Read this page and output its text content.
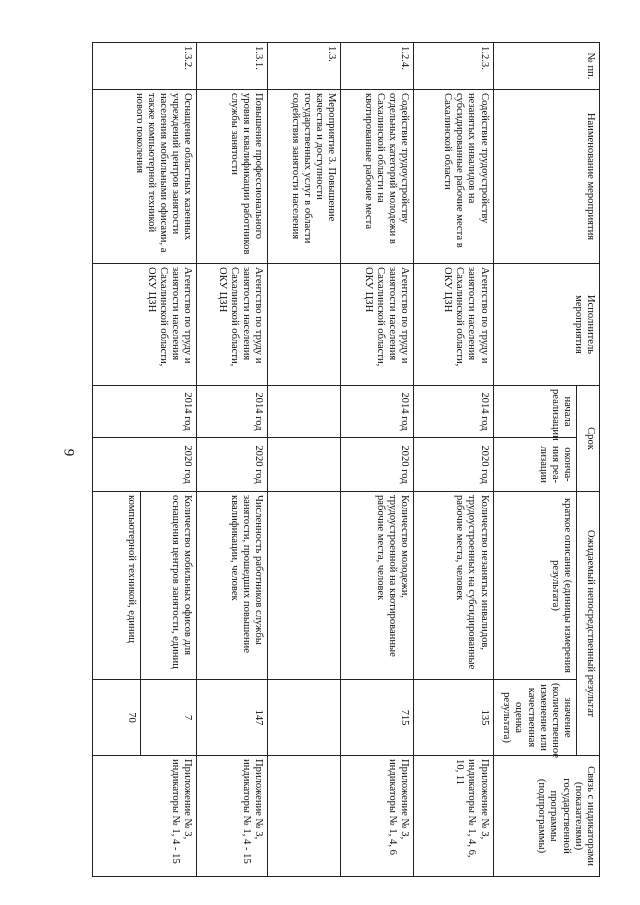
9
№ пп.	Наименование мероприятия	Исполнитель мероприятия	Срок		Ожидаемый непосредственный результат		Связь с индикаторами (показателями) государственной программы (подпрограммы)
			начала реализации	оконча-ния реа-лизации	краткое описание (единицы измерения результата)	значение (количественное изменение или качественная оценка результата)	
1.2.3.	Содействие трудоустройству незанятых инвалидов на субсидированные рабочие места в Сахалинской области	Агентство по труду и занятости населения Сахалинской области, ОКУ ЦЗН	2014 год	2020 год	Количество незанятых инвалидов, трудоустроенных на субсидированные рабочие места, человек	135	Приложение № 3, индикаторы № 1, 4, 6, 10, 11
1.2.4.	Содействие трудоустройству отдельных категорий молодежи в Сахалинской области на квотированные рабочие места	Агентство по труду и занятости населения Сахалинской области, ОКУ ЦЗН	2014 год	2020 год	Количество молодежи, трудоустроенной на квотированные рабочие места, человек	715	Приложение № 3, индикаторы № 1, 4, 6
1.3.	Мероприятие 3. Повышение качества и доступности государственных услуг в области содействия занятости населения						
1.3.1.	Повышение профессионального уровня и квалификации работников службы занятости	Агентство по труду и занятости населения Сахалинской области, ОКУ ЦЗН	2014 год	2020 год	Численность работников службы занятости, прошедших повышение квалификации, человек	147	Приложение № 3, индикаторы № 1, 4 - 15
1.3.2.	Оснащение областных казенных учреждений центров занятости населения мобильными офисами, а также компьютерной техникой нового поколения	Агентство по труду и занятости населения Сахалинской области, ОКУ ЦЗН	2014 год	2020 год	Количество мобильных офисов для оснащения центров занятости, единиц	7	Приложение № 3, индикаторы № 1, 4 - 15
					компьютерной техникой, единиц	70	
